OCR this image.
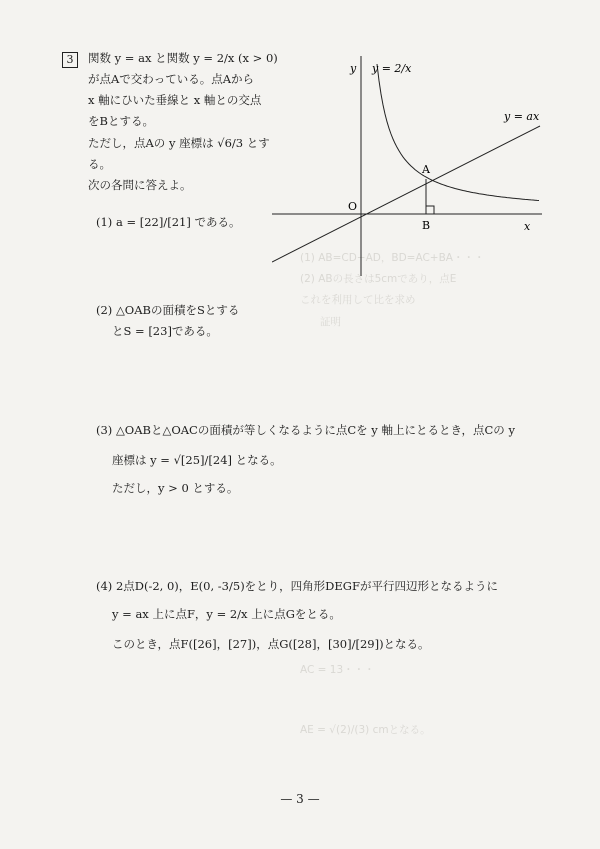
(1) AB=CD+AD，BD=AC+BA・・・
(2) ABの長さは5cmであり，点E
これを利用して比を求め
証明
AC = 13・・・
AE = √(2)/(3) cmとなる。
3	関数 y = ax と関数 y = 2/x (x > 0)
が点Aで交わっている。点Aから
x 軸にひいた垂線と x 軸との交点
をBとする。
ただし，点Aの y 座標は √6/3 とす
る。
次の各問に答えよ。
(1) a = [22]/[21] である。
y
x
O
A
B
y = 2/x
y = ax
(2) △OABの面積をSとする
とS = [23]である。
(3) △OABと△OACの面積が等しくなるように点Cを y 軸上にとるとき，点Cの y
座標は y = √[25]/[24] となる。
ただし，y > 0 とする。
(4) 2点D(-2, 0)，E(0, -3/5)をとり，四角形DEGFが平行四辺形となるように
y = ax 上に点F，y = 2/x 上に点Gをとる。
このとき，点F([26]，[27])，点G([28]，[30]/[29])となる。
— 3 —
